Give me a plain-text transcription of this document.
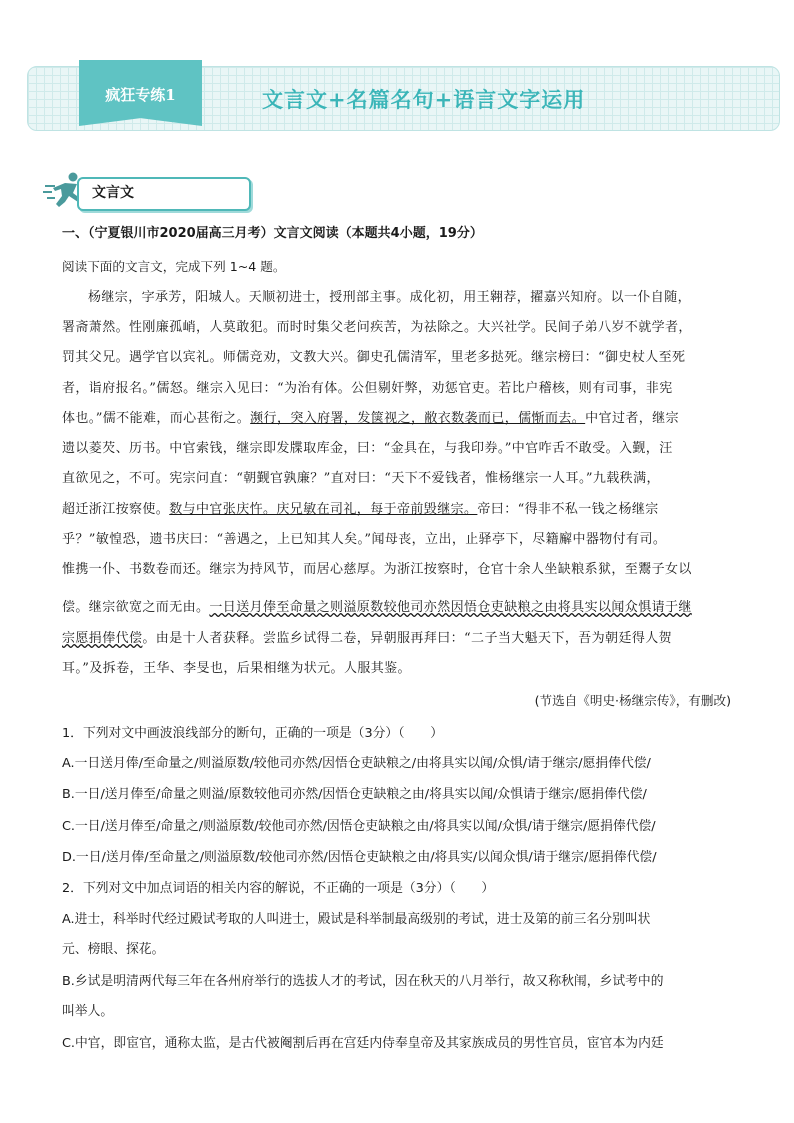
疯狂专练1	文言文+名篇名句+语言文字运用
文言文
一、（宁夏银川市2020届高三月考）文言文阅读（本题共4小题，19分）
阅读下面的文言文，完成下列 1~4 题。
杨继宗，字承芳，阳城人。天顺初进士，授刑部主事。成化初，用王翱荐，擢嘉兴知府。以一仆自随，
署斋萧然。性刚廉孤峭，人莫敢犯。而时时集父老问疾苦，为祛除之。大兴社学。民间子弟八岁不就学者，
罚其父兄。遇学官以宾礼。师儒竞劝，文教大兴。御史孔儒清军，里老多挞死。继宗榜曰：“御史杖人至死
者，诣府报名。”儒怒。继宗入见曰：“为治有体。公但剔奸弊，劝惩官吏。若比户稽核，则有司事，非宪
体也。”儒不能难，而心甚衔之。濒行，突入府署，发箧视之，敝衣数袭而已，儒惭而去。中官过者，继宗
遗以菱芡、历书。中官索钱，继宗即发牒取库金，曰：“金具在，与我印券。”中官咋舌不敢受。入觐，汪
直欲见之，不可。宪宗问直：“朝觐官孰廉？”直对曰：“天下不爱钱者，惟杨继宗一人耳。”九载秩满，
超迁浙江按察使。数与中官张庆忤。庆兄敏在司礼，每于帝前毁继宗。帝曰：“得非不私一钱之杨继宗
乎？”敏惶恐，遗书庆曰：“善遇之，上已知其人矣。”闻母丧，立出，止驿亭下，尽籍廨中器物付有司。
惟携一仆、书数卷而还。继宗为持风节，而居心慈厚。为浙江按察时，仓官十余人坐缺粮系狱，至鬻子女以
偿。继宗欲宽之而无由。一日送月俸至命量之则溢原数较他司亦然因悟仓吏缺粮之由将具实以闻众惧请于继
宗愿捐俸代偿。由是十人者获释。尝监乡试得二卷，异朝服再拜曰：“二子当大魁天下，吾为朝廷得人贺
耳。”及拆卷，王华、李旻也，后果相继为状元。人服其鉴。
(节选自《明史·杨继宗传》，有删改)
1．下列对文中画波浪线部分的断句，正确的一项是（3分）（　　）
A.一日送月俸/至命量之/则溢原数/较他司亦然/因悟仓吏缺粮之/由将具实以闻/众惧/请于继宗/愿捐俸代偿/
B.一日/送月俸至/命量之则溢/原数较他司亦然/因悟仓吏缺粮之由/将具实以闻/众惧请于继宗/愿捐俸代偿/
C.一日/送月俸至/命量之/则溢原数/较他司亦然/因悟仓吏缺粮之由/将具实以闻/众惧/请于继宗/愿捐俸代偿/
D.一日/送月俸/至命量之/则溢原数/较他司亦然/因悟仓吏缺粮之由/将具实/以闻众惧/请于继宗/愿捐俸代偿/
2．下列对文中加点词语的相关内容的解说，不正确的一项是（3分）（　　）
A.进士，科举时代经过殿试考取的人叫进士，殿试是科举制最高级别的考试，进士及第的前三名分别叫状
元、榜眼、探花。
B.乡试是明清两代每三年在各州府举行的选拔人才的考试，因在秋天的八月举行，故又称秋闱，乡试考中的
叫举人。
C.中官，即宦官，通称太监，是古代被阉割后再在宫廷内侍奉皇帝及其家族成员的男性官员，宦官本为内廷
